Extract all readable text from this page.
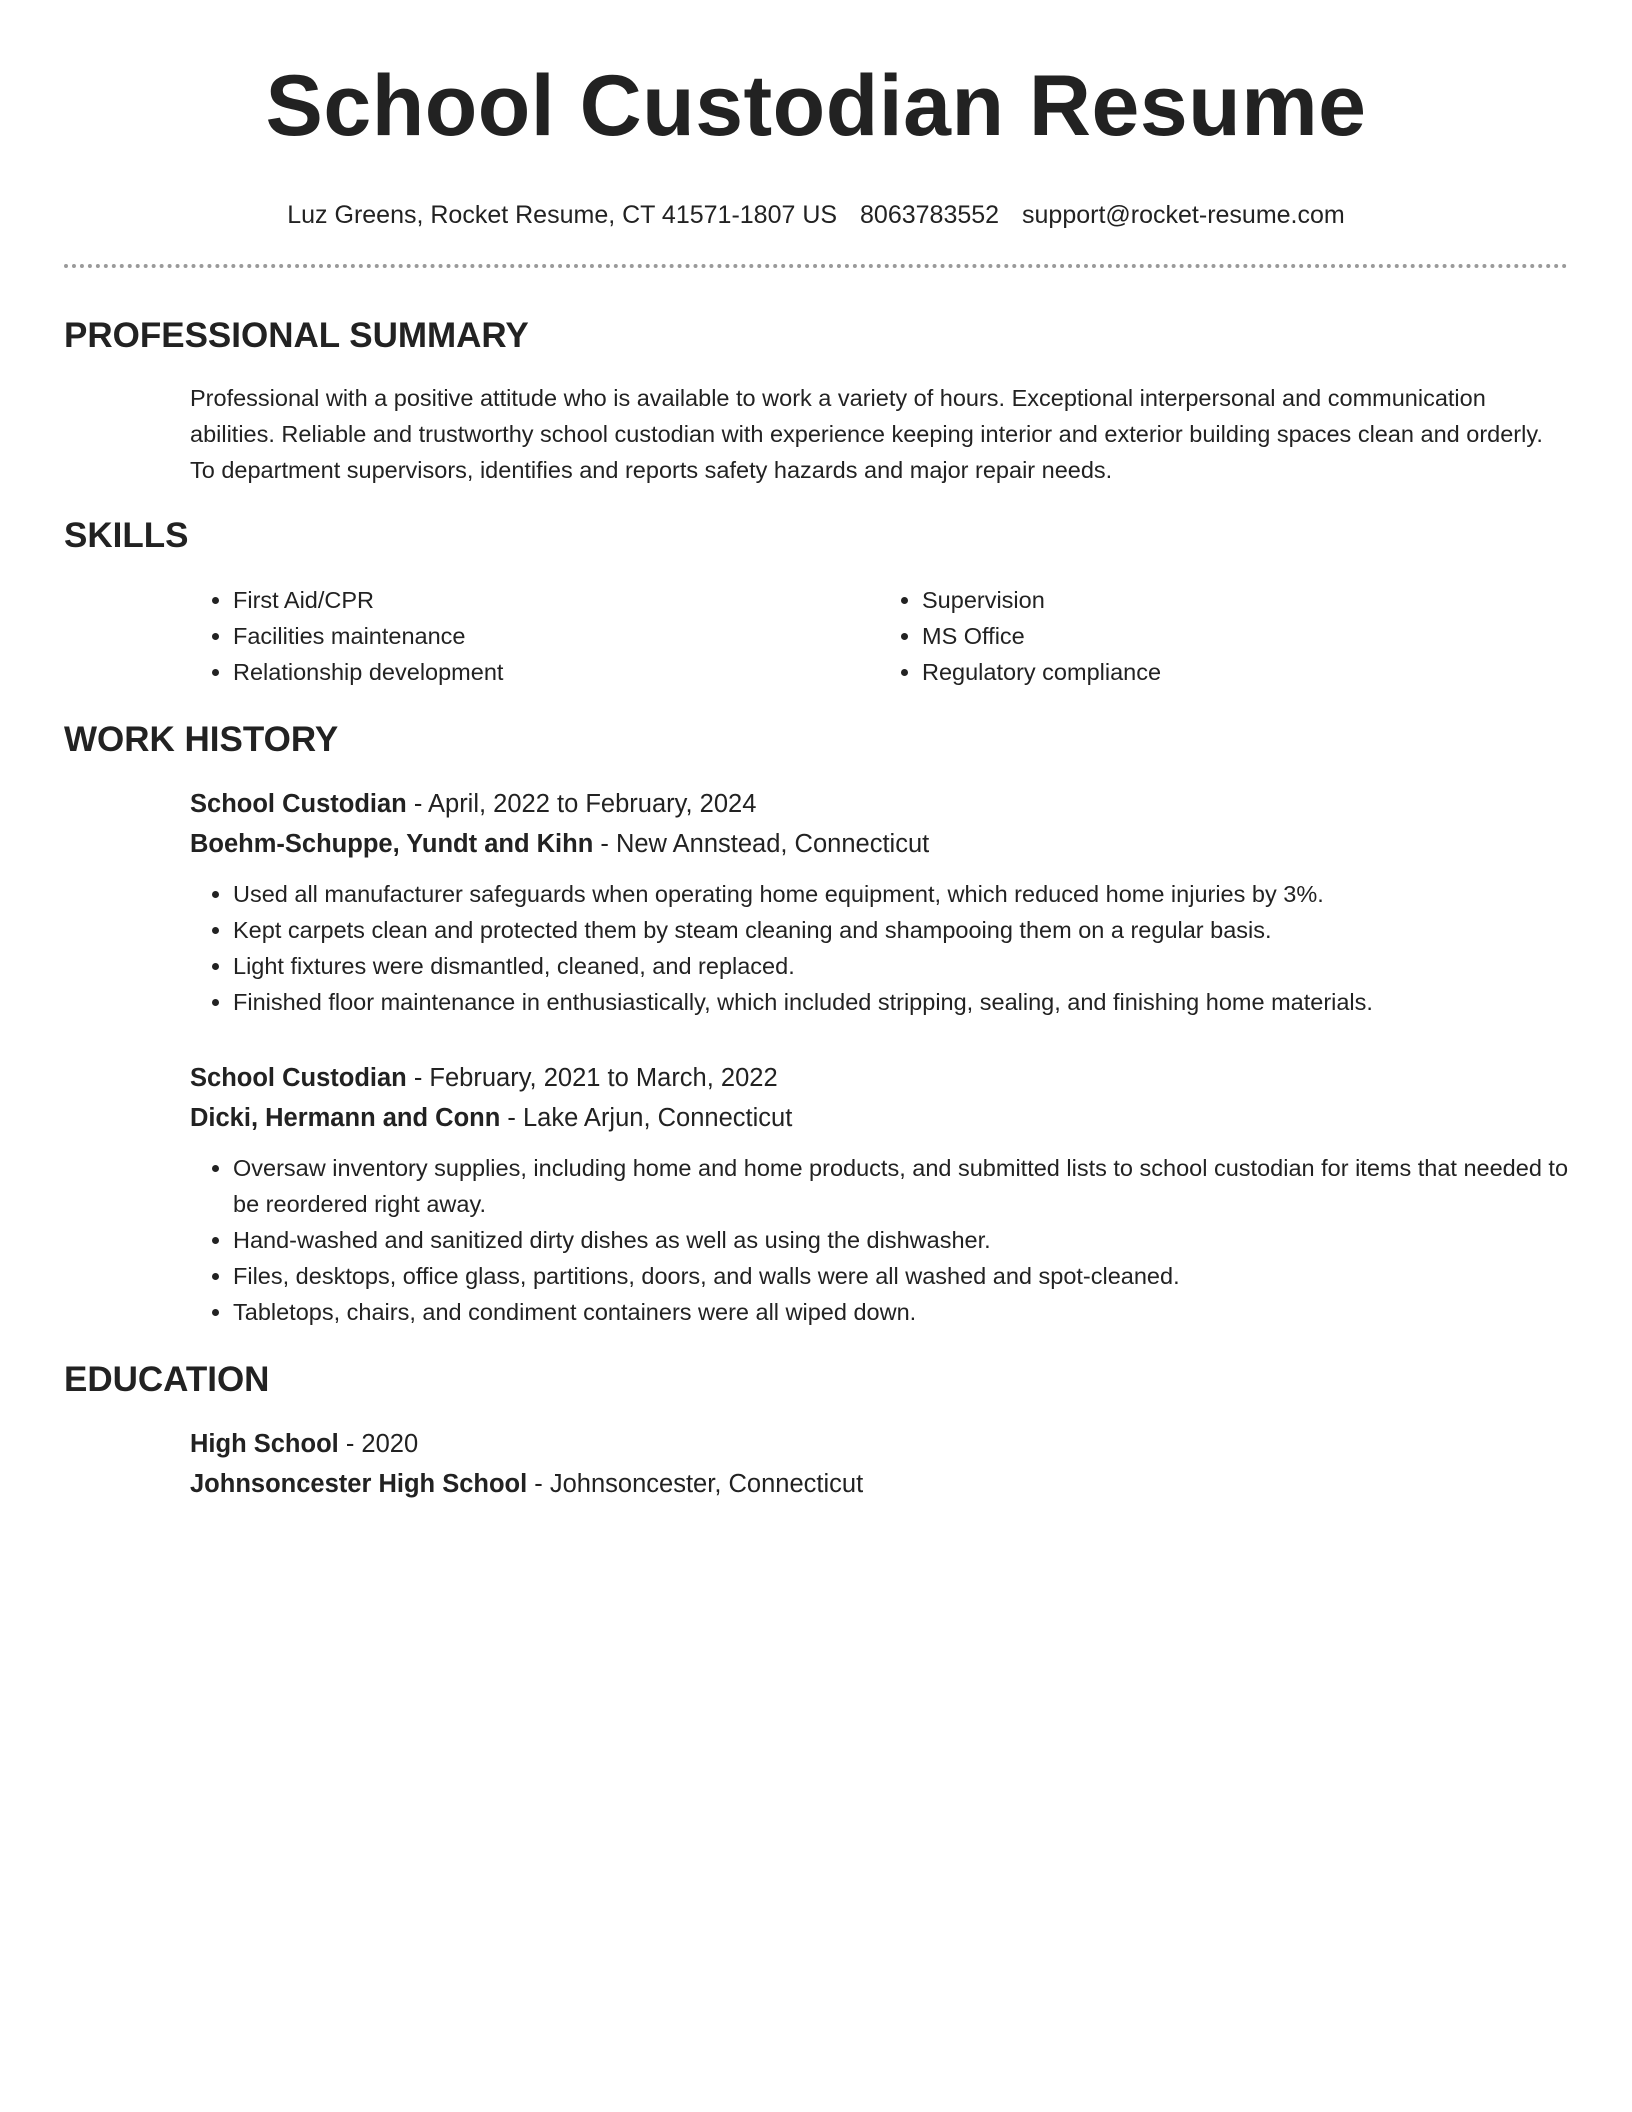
School Custodian Resume
Luz Greens, Rocket Resume, CT 41571-1807 US 8063783552 support@rocket-resume.com
PROFESSIONAL SUMMARY

Professional with a positive attitude who is available to work a variety of hours. Exceptional interpersonal and communication abilities. Reliable and trustworthy school custodian with experience keeping interior and exterior building spaces clean and orderly. To department supervisors, identifies and reports safety hazards and major repair needs.

SKILLS
• First Aid/CPR
• Facilities maintenance
• Relationship development
• Supervision
• MS Office
• Regulatory compliance
WORK HISTORY
School Custodian - April, 2022 to February, 2024
Boehm-Schuppe, Yundt and Kihn - New Annstead, Connecticut
• Used all manufacturer safeguards when operating home equipment, which reduced home injuries by 3%.
• Kept carpets clean and protected them by steam cleaning and shampooing them on a regular basis.
• Light fixtures were dismantled, cleaned, and replaced.
• Finished floor maintenance in enthusiastically, which included stripping, sealing, and finishing home materials.
School Custodian - February, 2021 to March, 2022
Dicki, Hermann and Conn - Lake Arjun, Connecticut
• Oversaw inventory supplies, including home and home products, and submitted lists to school custodian for items that needed to be reordered right away.
• Hand-washed and sanitized dirty dishes as well as using the dishwasher.
• Files, desktops, office glass, partitions, doors, and walls were all washed and spot-cleaned.
• Tabletops, chairs, and condiment containers were all wiped down.
EDUCATION
High School - 2020
Johnsoncester High School - Johnsoncester, Connecticut
